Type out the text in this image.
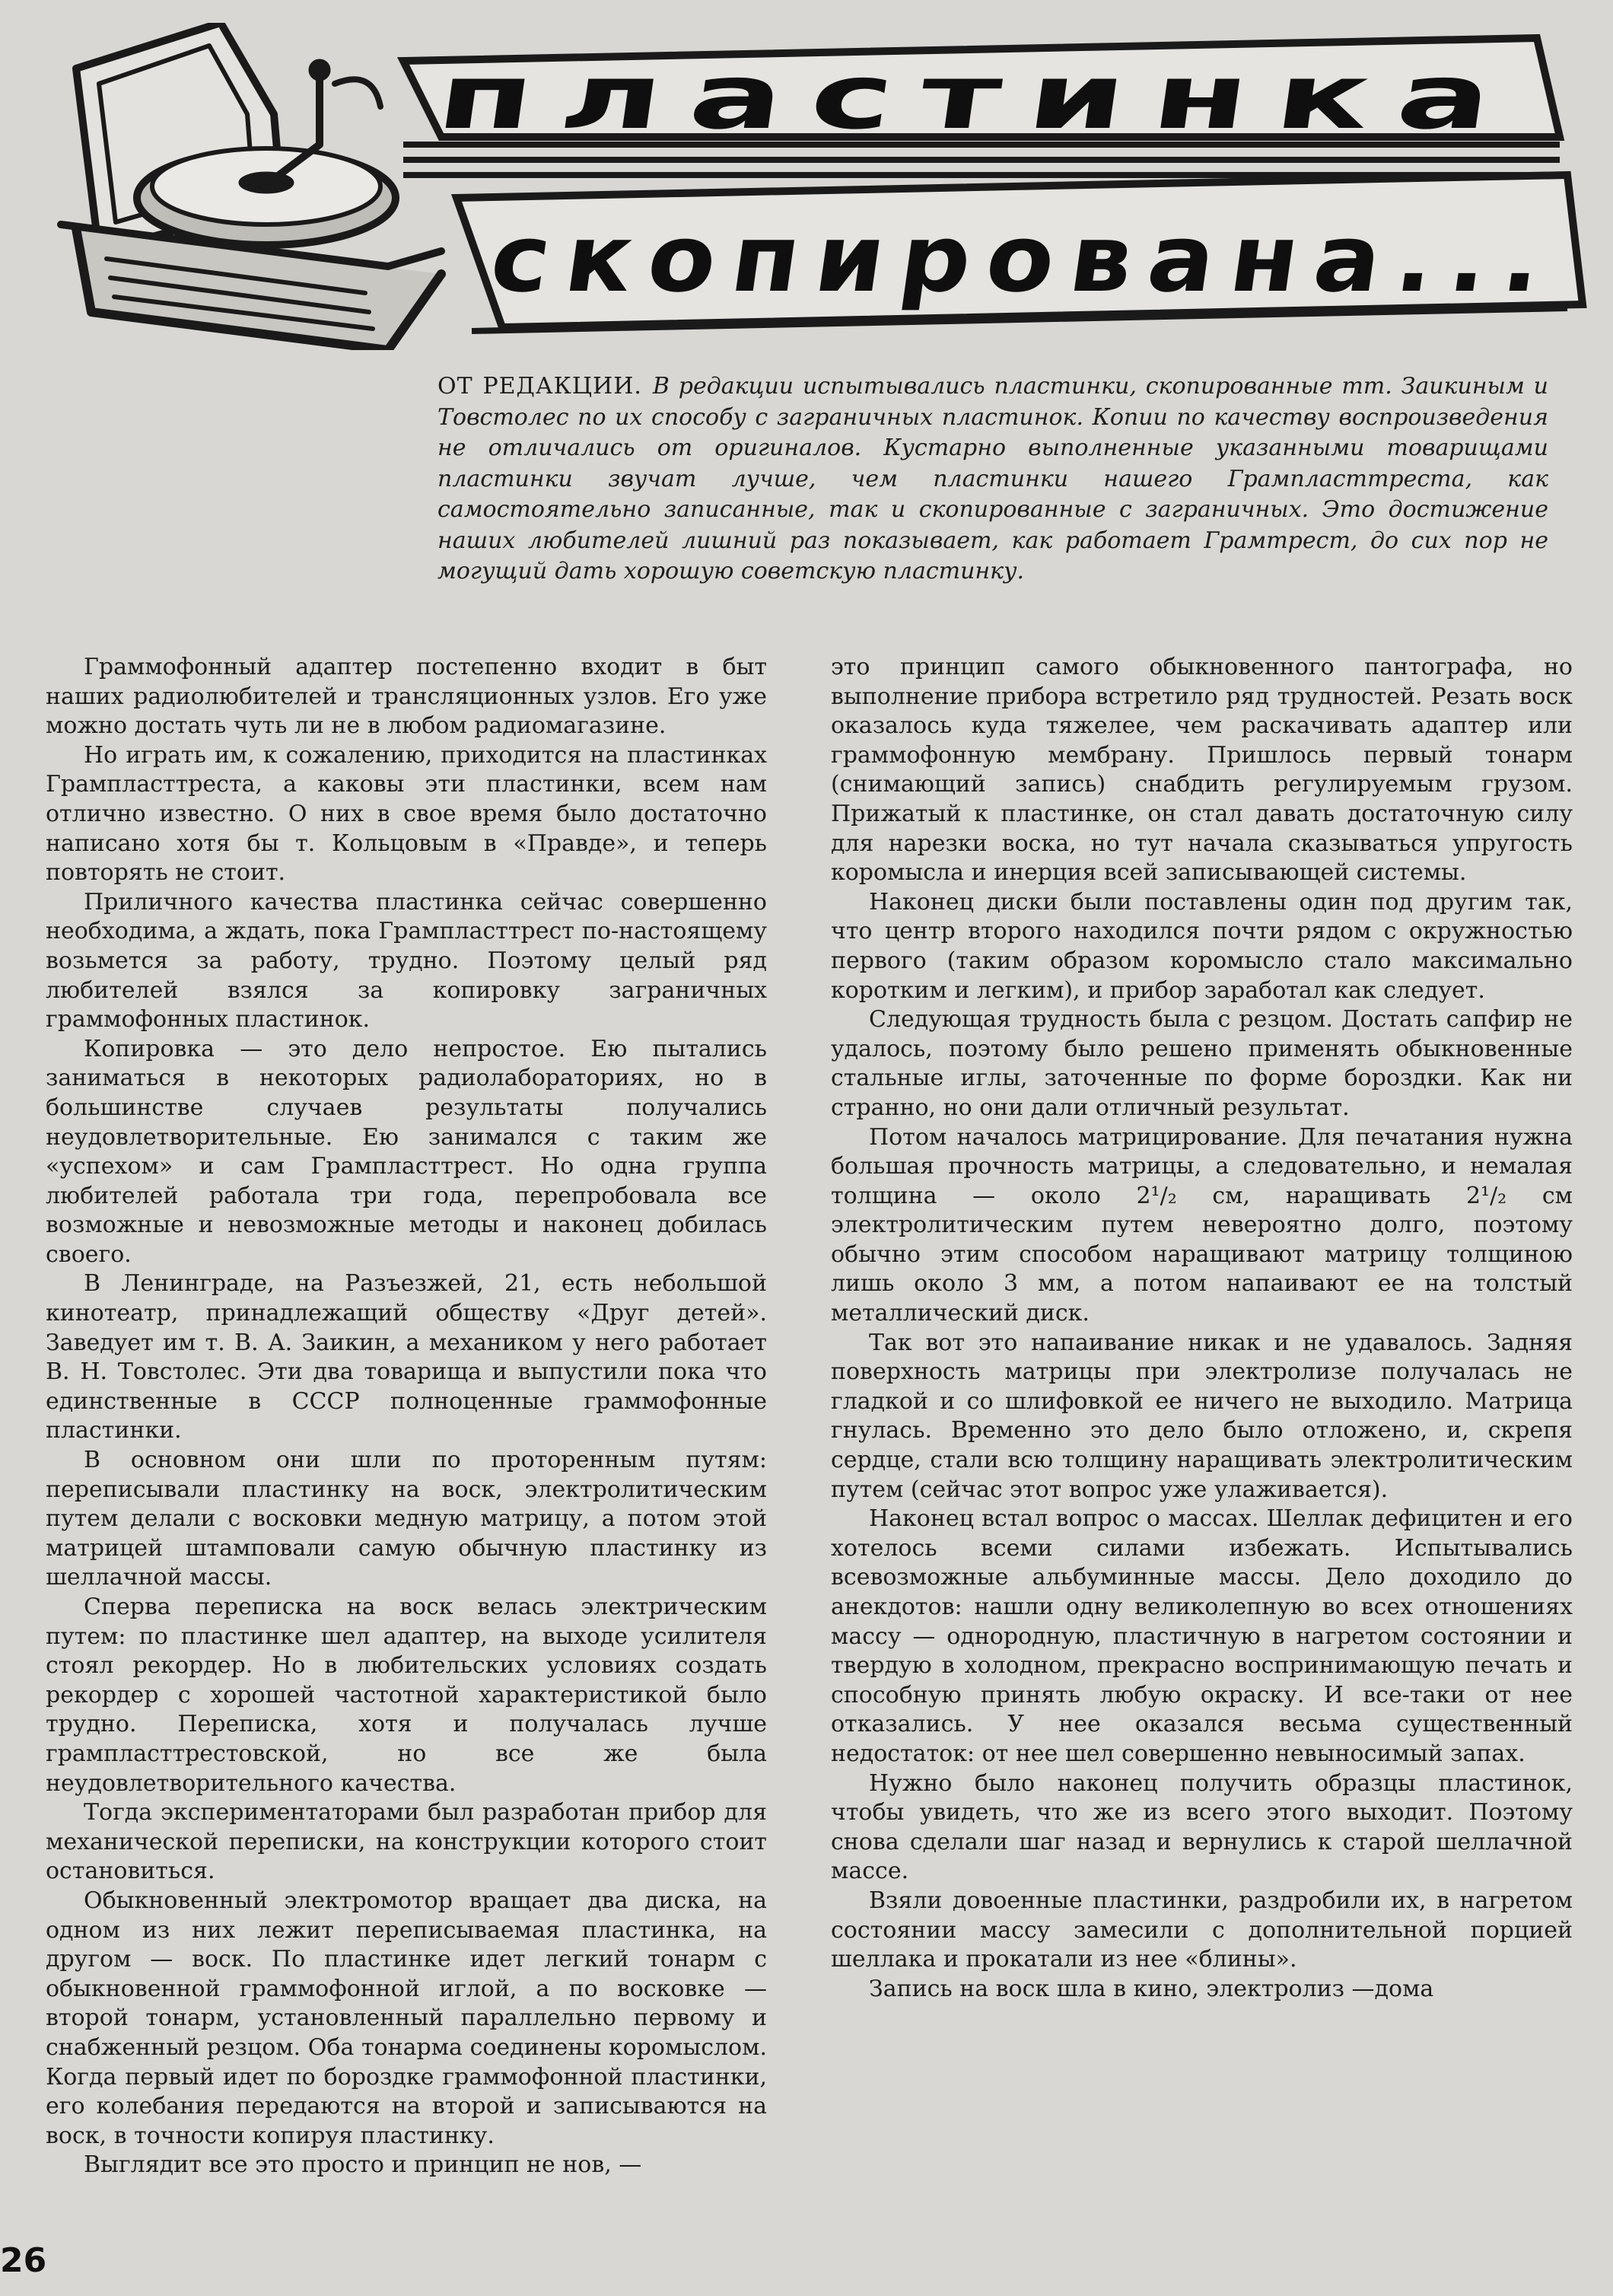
пластинка
скопирована...
ОТ РЕДАКЦИИ. В редакции испытывались пластинки, скопированные тт. Заикиным и Товстолес по их способу с заграничных пластинок. Копии по качеству воспроизведения не отличались от оригиналов. Кустарно выполненные указанными товарищами пластинки звучат лучше, чем пластинки нашего Грампласттреста, как самостоятельно записанные, так и скопированные с заграничных. Это достижение наших любителей лишний раз показывает, как работает Грамтрест, до сих пор не могущий дать хорошую советскую пластинку.

Граммофонный адаптер постепенно входит в быт наших радиолюбителей и трансляционных узлов. Его уже можно достать чуть ли не в любом радиомагазине.

Но играть им, к сожалению, приходится на пластинках Грампласттреста, а каковы эти пластинки, всем нам отлично известно. О них в свое время было достаточно написано хотя бы т. Кольцовым в «Правде», и теперь повторять не стоит.

Приличного качества пластинка сейчас совершенно необходима, а ждать, пока Грампласттрест по-настоящему возьмется за работу, трудно. Поэтому целый ряд любителей взялся за копировку заграничных граммофонных пластинок.

Копировка — это дело непростое. Ею пытались заниматься в некоторых радиолабораториях, но в большинстве случаев результаты получались неудовлетворительные. Ею занимался с таким же «успехом» и сам Грампласттрест. Но одна группа любителей работала три года, перепробовала все возможные и невозможные методы и наконец добилась своего.

В Ленинграде, на Разъезжей, 21, есть небольшой кинотеатр, принадлежащий обществу «Друг детей». Заведует им т. В. А. Заикин, а механиком у него работает В. Н. Товстолес. Эти два товарища и выпустили пока что единственные в СССР полноценные граммофонные пластинки.

В основном они шли по проторенным путям: переписывали пластинку на воск, электролитическим путем делали с восковки медную матрицу, а потом этой матрицей штамповали самую обычную пластинку из шеллачной массы.

Сперва переписка на воск велась электрическим путем: по пластинке шел адаптер, на выходе усилителя стоял рекордер. Но в любительских условиях создать рекордер с хорошей частотной характеристикой было трудно. Переписка, хотя и получалась лучше грампласттрестовской, но все же была неудовлетворительного качества.

Тогда экспериментаторами был разработан прибор для механической переписки, на конструкции которого стоит остановиться.

Обыкновенный электромотор вращает два диска, на одном из них лежит переписываемая пластинка, на другом — воск. По пластинке идет легкий тонарм с обыкновенной граммофонной иглой, а по восковке — второй тонарм, установленный параллельно первому и снабженный резцом. Оба тонарма соединены коромыслом. Когда первый идет по бороздке граммофонной пластинки, его колебания передаются на второй и записываются на воск, в точности копируя пластинку.

Выглядит все это просто и принцип не нов, —

это принцип самого обыкновенного пантографа, но выполнение прибора встретило ряд трудностей. Резать воск оказалось куда тяжелее, чем раскачивать адаптер или граммофонную мембрану. Пришлось первый тонарм (снимающий запись) снабдить регулируемым грузом. Прижатый к пластинке, он стал давать достаточную силу для нарезки воска, но тут начала сказываться упругость коромысла и инерция всей записывающей системы.

Наконец диски были поставлены один под другим так, что центр второго находился почти рядом с окружностью первого (таким образом коромысло стало максимально коротким и легким), и прибор заработал как следует.

Следующая трудность была с резцом. Достать сапфир не удалось, поэтому было решено применять обыкновенные стальные иглы, заточенные по форме бороздки. Как ни странно, но они дали отличный результат.

Потом началось матрицирование. Для печатания нужна большая прочность матрицы, а следовательно, и немалая толщина — около 2¹/₂ см, наращивать 2¹/₂ см электролитическим путем невероятно долго, поэтому обычно этим способом наращивают матрицу толщиною лишь около 3 мм, а потом напаивают ее на толстый металлический диск.

Так вот это напаивание никак и не удавалось. Задняя поверхность матрицы при электролизе получалась не гладкой и со шлифовкой ее ничего не выходило. Матрица гнулась. Временно это дело было отложено, и, скрепя сердце, стали всю толщину наращивать электролитическим путем (сейчас этот вопрос уже улаживается).

Наконец встал вопрос о массах. Шеллак дефицитен и его хотелось всеми силами избежать. Испытывались всевозможные альбуминные массы. Дело доходило до анекдотов: нашли одну великолепную во всех отношениях массу — однородную, пластичную в нагретом состоянии и твердую в холодном, прекрасно воспринимающую печать и способную принять любую окраску. И все-таки от нее отказались. У нее оказался весьма существенный недостаток: от нее шел совершенно невыносимый запах.

Нужно было наконец получить образцы пластинок, чтобы увидеть, что же из всего этого выходит. Поэтому снова сделали шаг назад и вернулись к старой шеллачной массе.

Взяли довоенные пластинки, раздробили их, в нагретом состоянии массу замесили с дополнительной порцией шеллака и прокатали из нее «блины».

Запись на воск шла в кино, электролиз —дома

26
